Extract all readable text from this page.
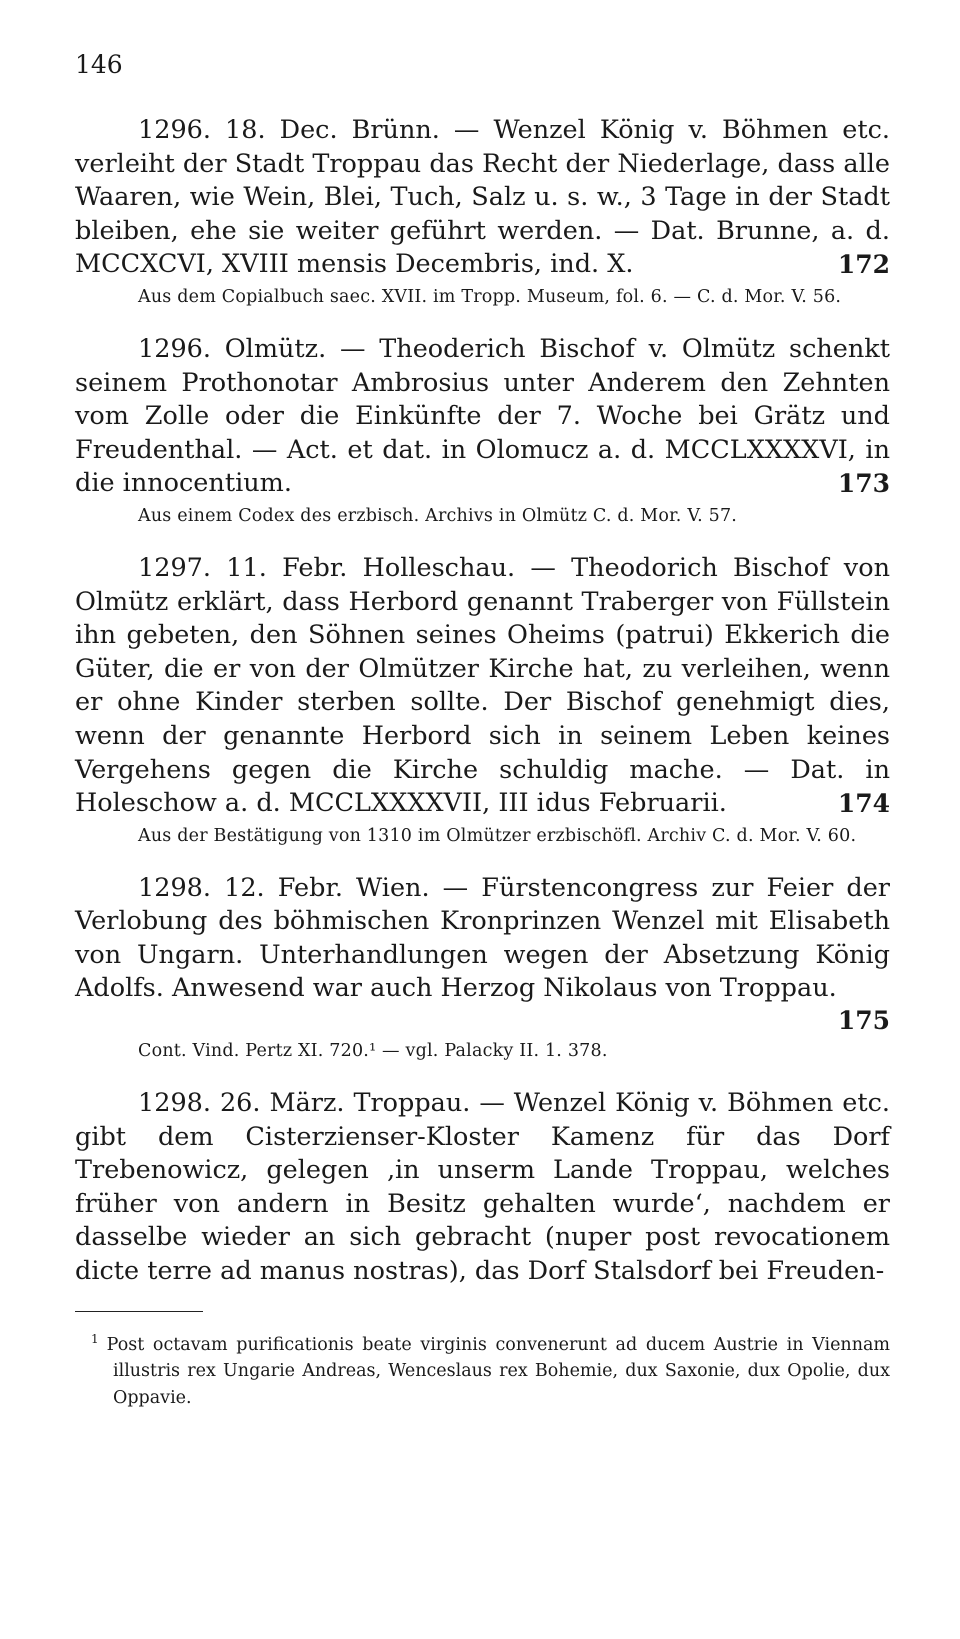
146

1296. 18. Dec. Brünn. — Wenzel König v. Böhmen etc. verleiht der Stadt Troppau das Recht der Niederlage, dass alle Waaren, wie Wein, Blei, Tuch, Salz u. s. w., 3 Tage in der Stadt bleiben, ehe sie weiter geführt werden. — Dat. Brunne, a. d. MCCXCVI, XVIII mensis Decembris, ind. X.	172

Aus dem Copialbuch saec. XVII. im Tropp. Museum, fol. 6. — C. d. Mor. V. 56.

1296. Olmütz. — Theoderich Bischof v. Olmütz schenkt seinem Prothonotar Ambrosius unter Anderem den Zehnten vom Zolle oder die Einkünfte der 7. Woche bei Grätz und Freudenthal. — Act. et dat. in Olomucz a. d. MCCLXXXXVI, in die innocentium.	173

Aus einem Codex des erzbisch. Archivs in Olmütz C. d. Mor. V. 57.

1297. 11. Febr. Holleschau. — Theodorich Bischof von Olmütz erklärt, dass Herbord genannt Traberger von Füllstein ihn gebeten, den Söhnen seines Oheims (patrui) Ekkerich die Güter, die er von der Olmützer Kirche hat, zu verleihen, wenn er ohne Kinder sterben sollte. Der Bischof genehmigt dies, wenn der genannte Herbord sich in seinem Leben keines Vergehens gegen die Kirche schuldig mache. — Dat. in Holeschow a. d. MCCLXXXXVII, III idus Februarii.	174

Aus der Bestätigung von 1310 im Olmützer erzbischöfl. Archiv C. d. Mor. V. 60.

1298. 12. Febr. Wien. — Fürstencongress zur Feier der Verlobung des böhmischen Kronprinzen Wenzel mit Elisabeth von Ungarn. Unterhandlungen wegen der Absetzung König Adolfs. Anwesend war auch Herzog Nikolaus von Troppau.

175

Cont. Vind. Pertz XI. 720.¹ — vgl. Palacky II. 1. 378.

1298. 26. März. Troppau. — Wenzel König v. Böhmen etc. gibt dem Cisterzienser-Kloster Kamenz für das Dorf Trebenowicz, gelegen ‚in unserm Lande Troppau, welches früher von andern in Besitz gehalten wurde‘, nachdem er dasselbe wieder an sich gebracht (nuper post revocationem dicte terre ad manus nostras), das Dorf Stalsdorf bei Freuden-

$^1$ Post octavam purificationis beate virginis convenerunt ad ducem Austrie in Viennam illustris rex Ungarie Andreas, Wenceslaus rex Bohemie, dux Saxonie, dux Opolie, dux Oppavie.
